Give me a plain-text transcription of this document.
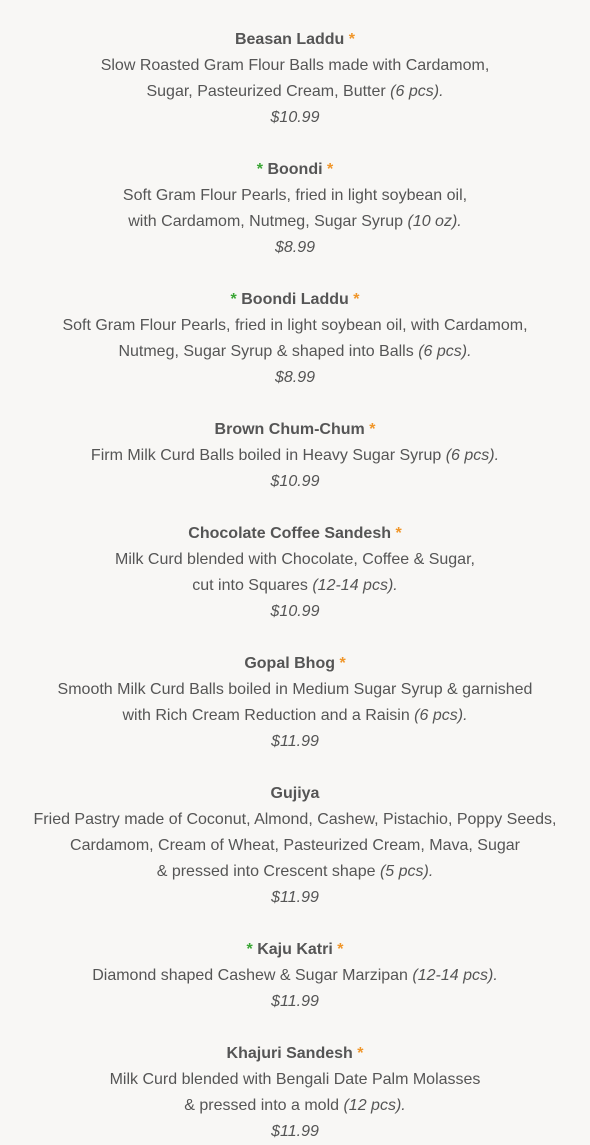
Beasan Laddu *
Slow Roasted Gram Flour Balls made with Cardamom,
Sugar, Pasteurized Cream, Butter (6 pcs).
$10.99
* Boondi *
Soft Gram Flour Pearls, fried in light soybean oil,
with Cardamom, Nutmeg, Sugar Syrup (10 oz).
$8.99
* Boondi Laddu *
Soft Gram Flour Pearls, fried in light soybean oil, with Cardamom,
Nutmeg, Sugar Syrup & shaped into Balls (6 pcs).
$8.99
Brown Chum-Chum *
Firm Milk Curd Balls boiled in Heavy Sugar Syrup (6 pcs).
$10.99
Chocolate Coffee Sandesh *
Milk Curd blended with Chocolate, Coffee & Sugar,
cut into Squares (12-14 pcs).
$10.99
Gopal Bhog *
Smooth Milk Curd Balls boiled in Medium Sugar Syrup & garnished
with Rich Cream Reduction and a Raisin (6 pcs).
$11.99
Gujiya
Fried Pastry made of Coconut, Almond, Cashew, Pistachio, Poppy Seeds,
Cardamom, Cream of Wheat, Pasteurized Cream, Mava, Sugar
& pressed into Crescent shape (5 pcs).
$11.99
* Kaju Katri *
Diamond shaped Cashew & Sugar Marzipan (12-14 pcs).
$11.99
Khajuri Sandesh *
Milk Curd blended with Bengali Date Palm Molasses
& pressed into a mold (12 pcs).
$11.99
